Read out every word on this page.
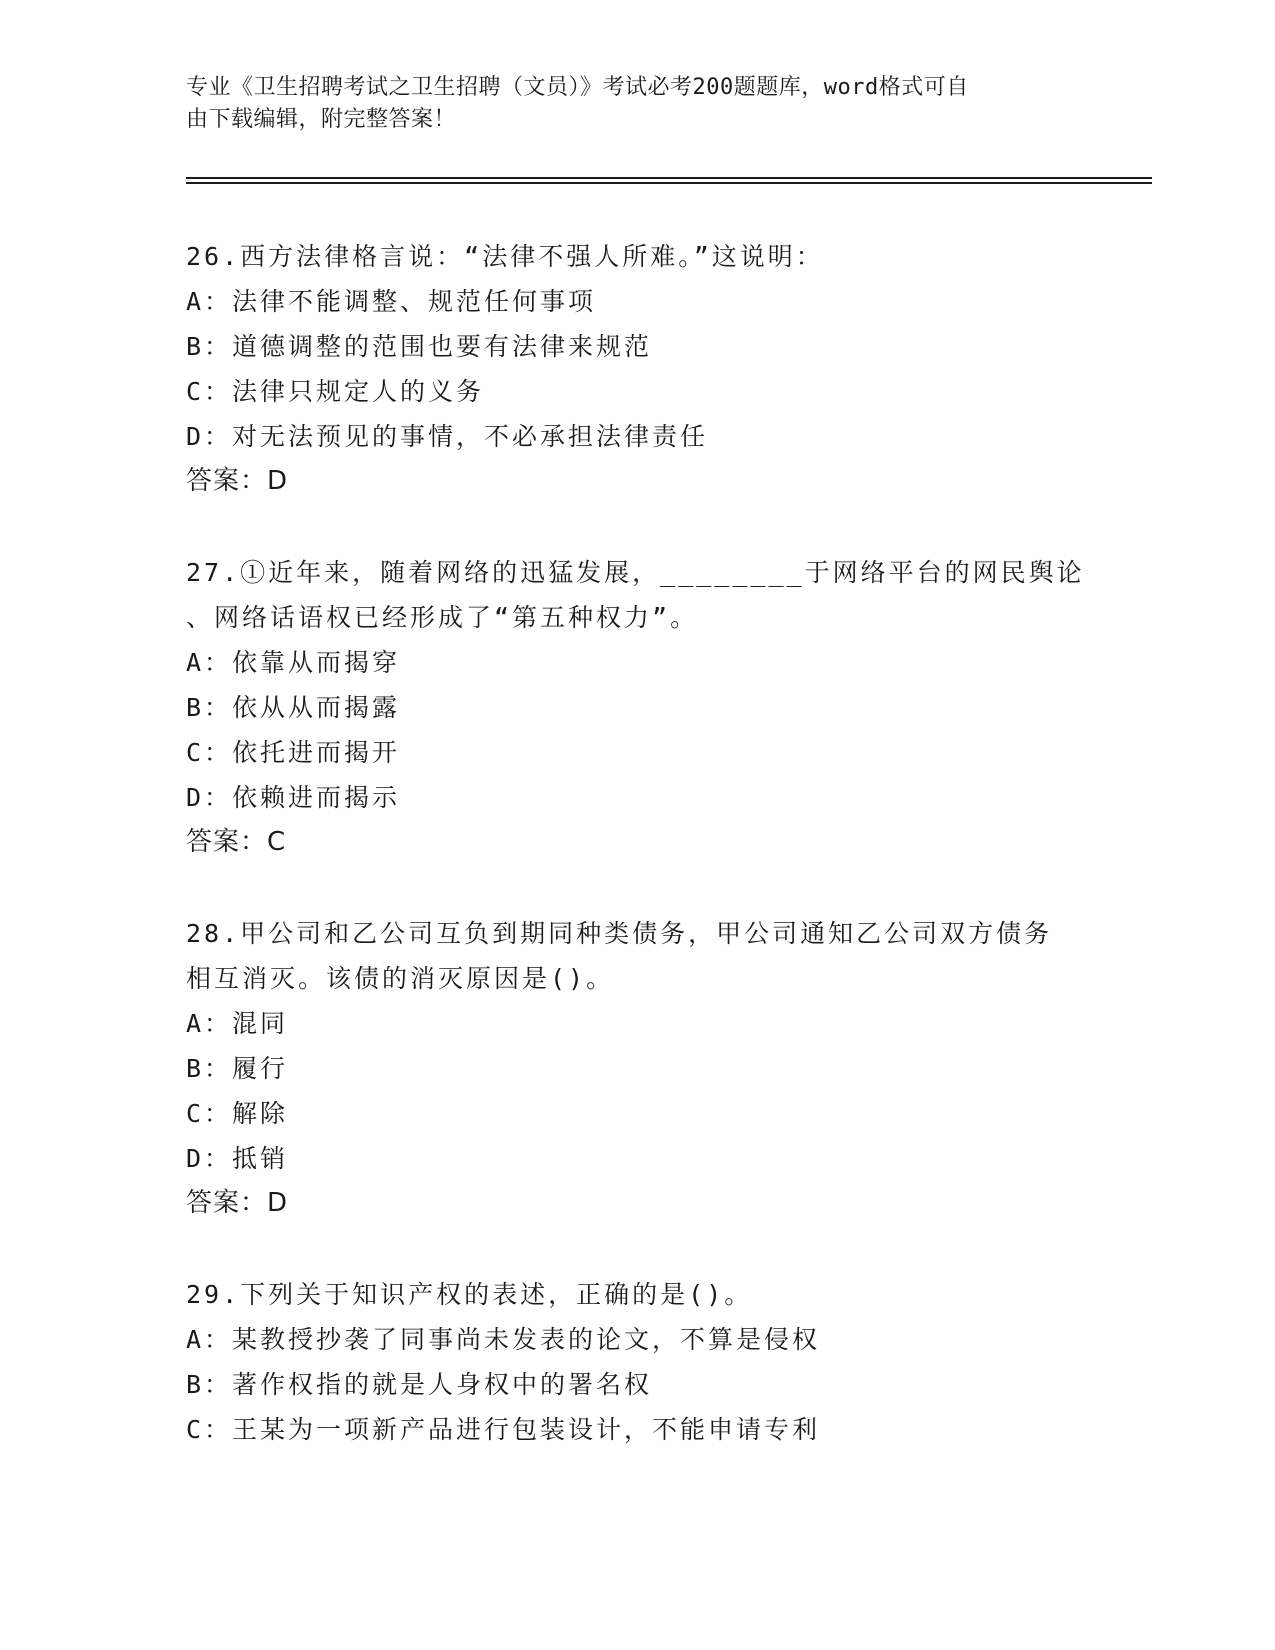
专业《卫生招聘考试之卫生招聘（文员）》考试必考200题题库，word格式可自
由下载编辑，附完整答案！
26.西方法律格言说：“法律不强人所难。”这说明：
A：法律不能调整、规范任何事项
B：道德调整的范围也要有法律来规范
C：法律只规定人的义务
D：对无法预见的事情，不必承担法律责任
答案：D
27.①近年来，随着网络的迅猛发展，________于网络平台的网民舆论
、网络话语权已经形成了“第五种权力”。
A：依靠从而揭穿
B：依从从而揭露
C：依托进而揭开
D：依赖进而揭示
答案：C
28.甲公司和乙公司互负到期同种类债务，甲公司通知乙公司双方债务
相互消灭。该债的消灭原因是()。
A：混同
B：履行
C：解除
D：抵销
答案：D
29.下列关于知识产权的表述，正确的是()。
A：某教授抄袭了同事尚未发表的论文，不算是侵权
B：著作权指的就是人身权中的署名权
C：王某为一项新产品进行包装设计，不能申请专利
